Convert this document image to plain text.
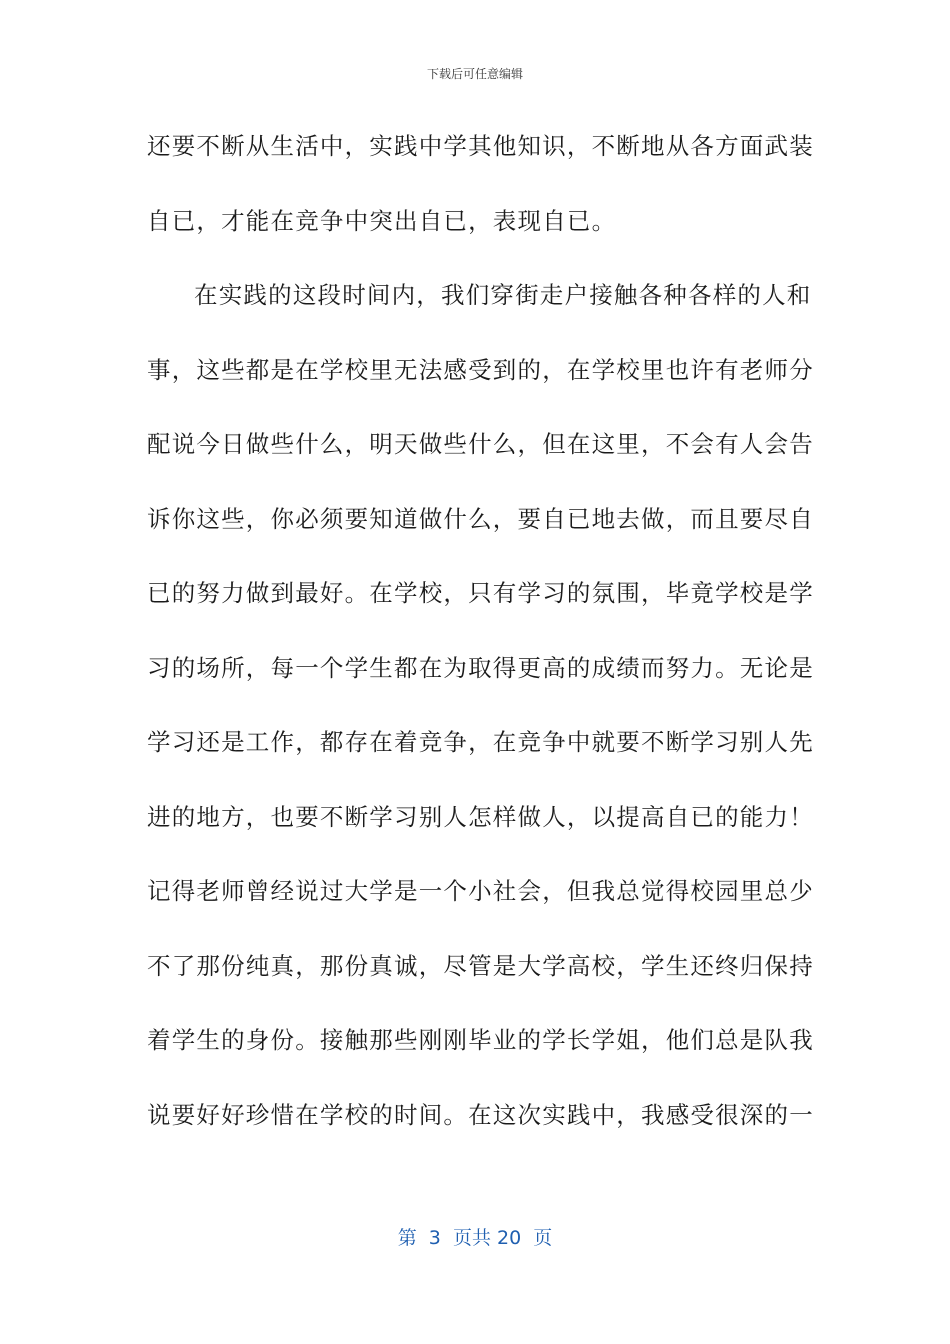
下载后可任意编辑
还要不断从生活中，实践中学其他知识，不断地从各方面武装
自已，才能在竞争中突出自已，表现自已。
在实践的这段时间内，我们穿街走户接触各种各样的人和
事，这些都是在学校里无法感受到的，在学校里也许有老师分
配说今日做些什么，明天做些什么，但在这里，不会有人会告
诉你这些，你必须要知道做什么，要自已地去做，而且要尽自
已的努力做到最好。在学校，只有学习的氛围，毕竟学校是学
习的场所，每一个学生都在为取得更高的成绩而努力。无论是
学习还是工作，都存在着竞争，在竞争中就要不断学习别人先
进的地方，也要不断学习别人怎样做人，以提高自已的能力！
记得老师曾经说过大学是一个小社会，但我总觉得校园里总少
不了那份纯真，那份真诚，尽管是大学高校，学生还终归保持
着学生的身份。接触那些刚刚毕业的学长学姐，他们总是队我
说要好好珍惜在学校的时间。在这次实践中，我感受很深的一
第  3  页共 20  页
